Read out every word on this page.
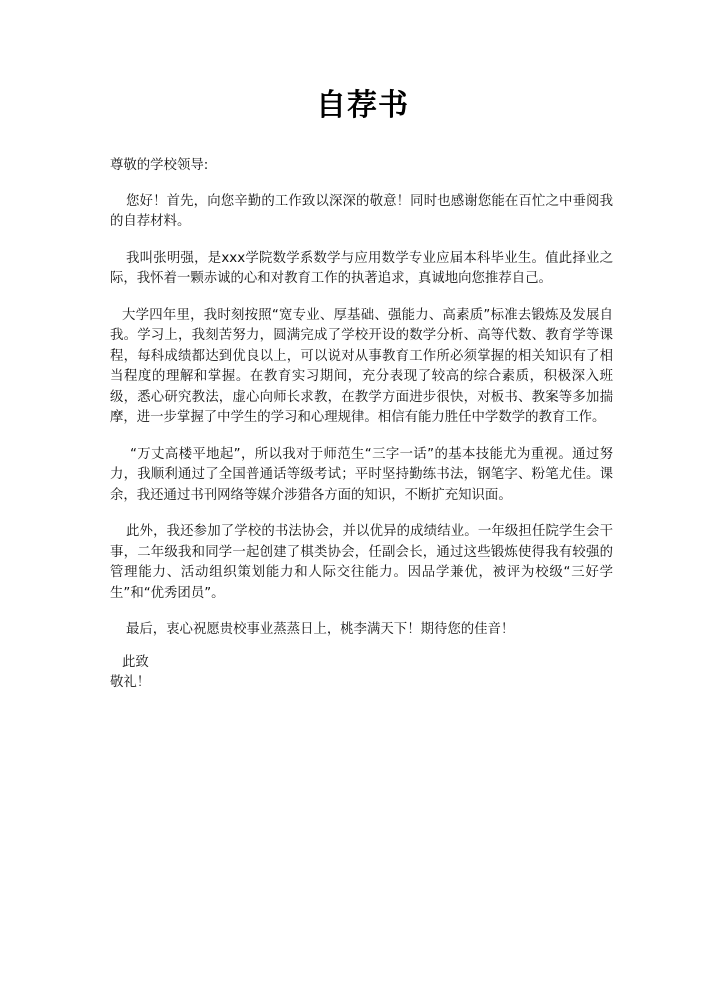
自荐书

尊敬的学校领导:

您好！首先，向您辛勤的工作致以深深的敬意！同时也感谢您能在百忙之中垂阅我的自荐材料。

我叫张明强，是xxx学院数学系数学与应用数学专业应届本科毕业生。值此择业之际，我怀着一颗赤诚的心和对教育工作的执著追求，真诚地向您推荐自己。

大学四年里，我时刻按照“宽专业、厚基础、强能力、高素质”标准去锻炼及发展自我。学习上，我刻苦努力，圆满完成了学校开设的数学分析、高等代数、教育学等课程，每科成绩都达到优良以上，可以说对从事教育工作所必须掌握的相关知识有了相当程度的理解和掌握。在教育实习期间，充分表现了较高的综合素质，积极深入班级，悉心研究教法，虚心向师长求教，在教学方面进步很快，对板书、教案等多加揣摩，进一步掌握了中学生的学习和心理规律。相信有能力胜任中学数学的教育工作。

“万丈高楼平地起”，所以我对于师范生“三字一话”的基本技能尤为重视。通过努力，我顺利通过了全国普通话等级考试；平时坚持勤练书法，钢笔字、粉笔尤佳。课余，我还通过书刊网络等媒介涉猎各方面的知识，不断扩充知识面。

此外，我还参加了学校的书法协会，并以优异的成绩结业。一年级担任院学生会干事，二年级我和同学一起创建了棋类协会，任副会长，通过这些锻炼使得我有较强的管理能力、活动组织策划能力和人际交往能力。因品学兼优，被评为校级“三好学生”和“优秀团员”。

最后，衷心祝愿贵校事业蒸蒸日上，桃李满天下！期待您的佳音！

此致

敬礼！
